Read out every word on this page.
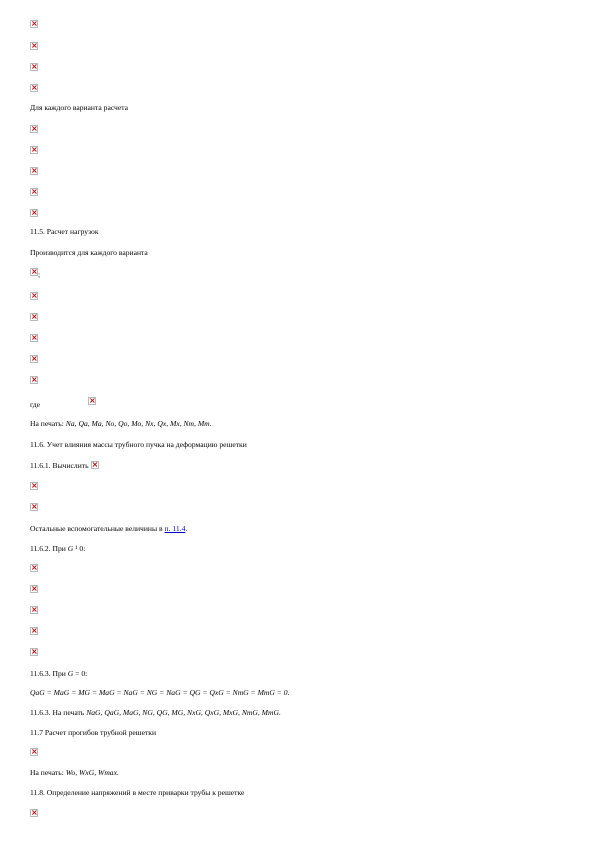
×
×
×
×
Для каждого варианта расчета
×
×
×
×
×
11.5. Расчет нагрузок
Производится для каждого варианта
×
;
×
×
×
×
×
где
×
На печать: Na, Qa, Ma, No, Qo, Mo, Nx, Qx, Mx, Nm, Mm.
11.6. Учет влияния массы трубного пучка на деформацию решетки
11.6.1. Вычислить×
×
×
Остальные вспомогательные величины в п. 11.4.
11.6.2. При G ¹ 0:
×
×
×
×
×
11.6.3. При G = 0:
QaG = MaG = MG = MaG = NaG = NG = NaG = QG = QxG = NmG = MmG = 0.
11.6.3. На печать NaG, QaG, MaG, NG, QG, MG, NxG, QxG, MxG, NmG, MmG.
11.7 Расчет прогибов трубной решетки
×
На печать: Wo, WxG, Wmax.
11.8. Определение напряжений в месте приварки трубы к решетке
×
